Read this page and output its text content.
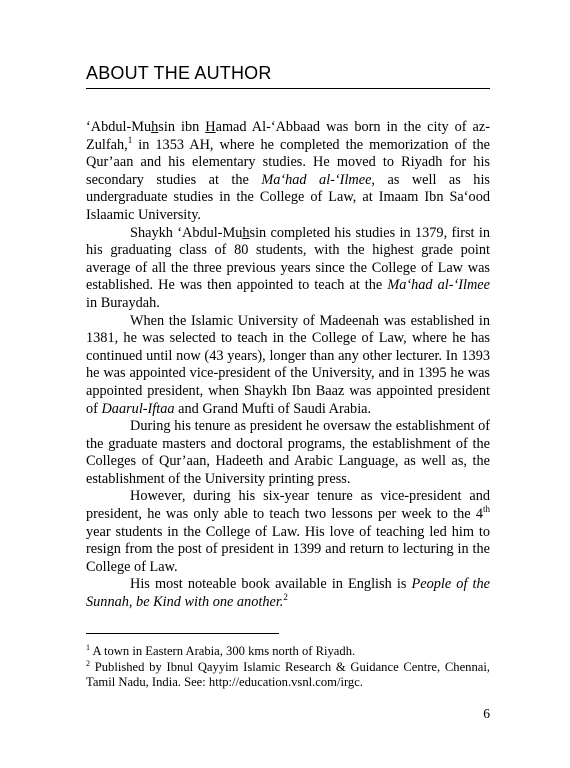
ABOUT THE AUTHOR

‘Abdul-Muhsin ibn Hamad Al-‘Abbaad was born in the city of az-Zulfah,$^1$ in 1353 AH, where he completed the memorization of the Qur’aan and his elementary studies. He moved to Riyadh for his secondary studies at the Ma‘had al-‘Ilmee, as well as his undergraduate studies in the College of Law, at Imaam Ibn Sa‘ood Islaamic University.

Shaykh ‘Abdul-Muhsin completed his studies in 1379, first in his graduating class of 80 students, with the highest grade point average of all the three previous years since the College of Law was established. He was then appointed to teach at the Ma‘had al-‘Ilmee in Buraydah.

When the Islamic University of Madeenah was established in 1381, he was selected to teach in the College of Law, where he has continued until now (43 years), longer than any other lecturer. In 1393 he was appointed vice-president of the University, and in 1395 he was appointed president, when Shaykh Ibn Baaz was appointed president of Daarul-Iftaa and Grand Mufti of Saudi Arabia.

During his tenure as president he oversaw the establishment of the graduate masters and doctoral programs, the establishment of the Colleges of Qur’aan, Hadeeth and Arabic Language, as well as, the establishment of the University printing press.

However, during his six-year tenure as vice-president and president, he was only able to teach two lessons per week to the 4th year students in the College of Law. His love of teaching led him to resign from the post of president in 1399 and return to lecturing in the College of Law.

His most noteable book available in English is People of the Sunnah, be Kind with one another.$^2$

$^1$ A town in Eastern Arabia, 300 kms north of Riyadh.

$^2$ Published by Ibnul Qayyim Islamic Research & Guidance Centre, Chennai, Tamil Nadu, India. See: http://education.vsnl.com/irgc.

6
